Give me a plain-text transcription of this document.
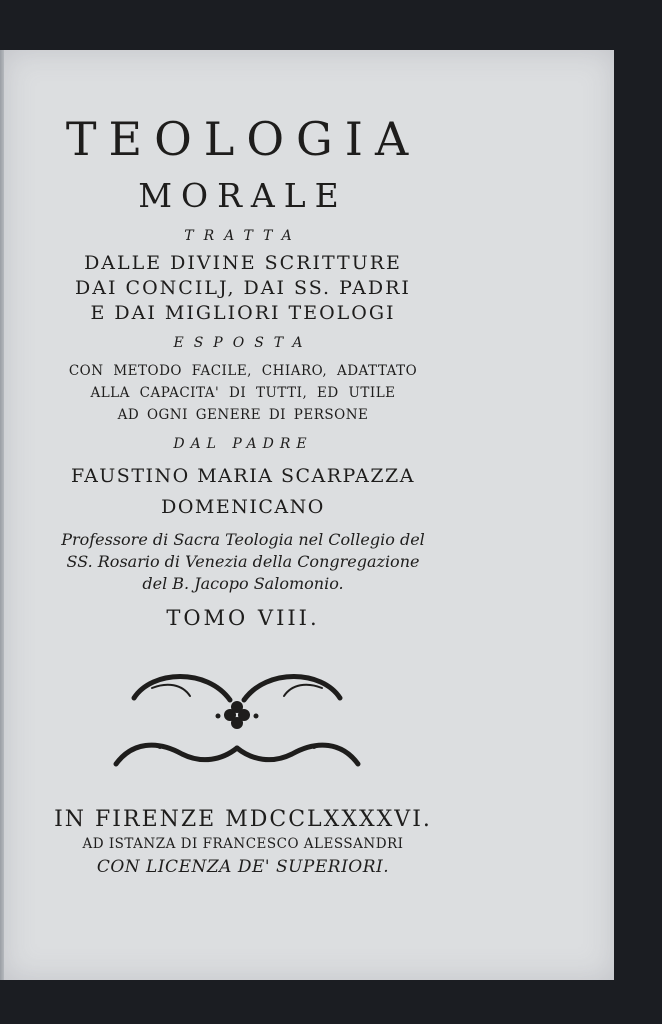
TEOLOGIA

MORALE

TRATTA

DALLE DIVINE SCRITTURE

DAI CONCILJ, DAI SS. PADRI

E DAI MIGLIORI TEOLOGI

ESPOSTA

CON METODO FACILE, CHIARO, ADATTATO

ALLA CAPACITA' DI TUTTI, ED UTILE

AD OGNI GENERE DI PERSONE

DAL PADRE

FAUSTINO MARIA SCARPAZZA

DOMENICANO

Professore di Sacra Teologia nel Collegio del

SS. Rosario di Venezia della Congregazione

del B. Jacopo Salomonio.

TOMO VIII.

IN FIRENZE MDCCLXXXXVI.

AD ISTANZA DI FRANCESCO ALESSANDRI

CON LICENZA DE' SUPERIORI.
